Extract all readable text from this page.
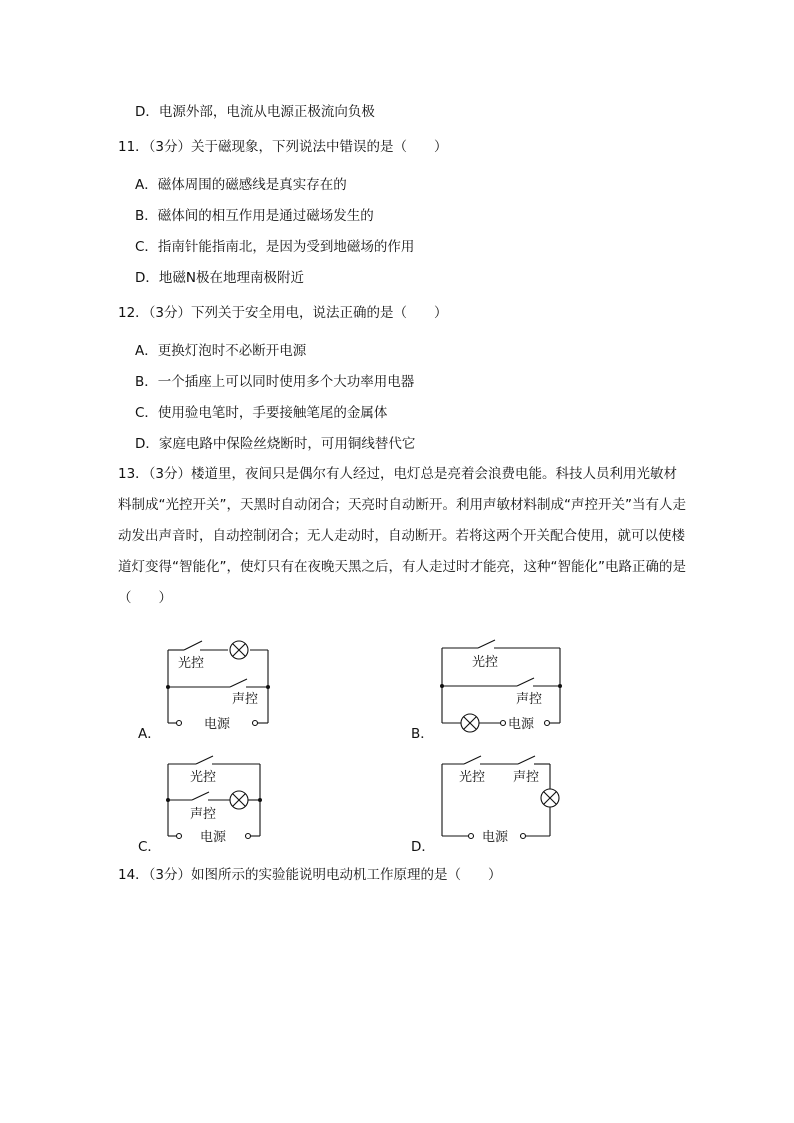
D．电源外部，电流从电源正极流向负极
11．（3分）关于磁现象，下列说法中错误的是（　　）
A．磁体周围的磁感线是真实存在的
B．磁体间的相互作用是通过磁场发生的
C．指南针能指南北，是因为受到地磁场的作用
D．地磁N极在地理南极附近
12．（3分）下列关于安全用电，说法正确的是（　　）
A．更换灯泡时不必断开电源
B．一个插座上可以同时使用多个大功率用电器
C．使用验电笔时，手要接触笔尾的金属体
D．家庭电路中保险丝烧断时，可用铜线替代它
13．（3分）楼道里，夜间只是偶尔有人经过，电灯总是亮着会浪费电能。科技人员利用光敏材料制成“光控开关”，天黑时自动闭合；天亮时自动断开。利用声敏材料制成“声控开关”当有人走动发出声音时，自动控制闭合；无人走动时，自动断开。若将这两个开关配合使用，就可以使楼道灯变得“智能化”，使灯只有在夜晚天黑之后，有人走过时才能亮，这种“智能化”电路正确的是（　　）
A．
光控
声控
电源
B．
光控
声控
电源
C．
光控
声控
电源
D．
光控 声控
电源
14．（3分）如图所示的实验能说明电动机工作原理的是（　　）
